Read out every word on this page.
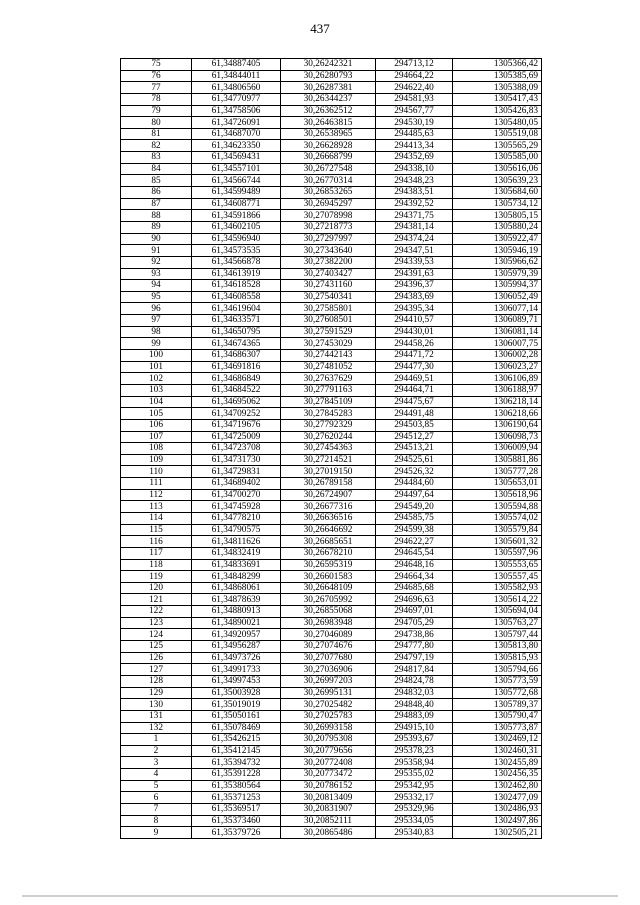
437
75	61,34887405	30,26242321	294713,12	1305366,42
76	61,34844011	30,26280793	294664,22	1305385,69
77	61,34806560	30,26287381	294622,40	1305388,09
78	61,34770977	30,26344237	294581,93	1305417,43
79	61,34758506	30,26362512	294567,77	1305426,83
80	61,34726091	30,26463815	294530,19	1305480,05
81	61,34687070	30,26538965	294485,63	1305519,08
82	61,34623350	30,26628928	294413,34	1305565,29
83	61,34569431	30,26668799	294352,69	1305585,00
84	61,34557101	30,26727548	294338,10	1305616,06
85	61,34566744	30,26770314	294348,23	1305639,23
86	61,34599489	30,26853265	294383,51	1305684,60
87	61,34608771	30,26945297	294392,52	1305734,12
88	61,34591866	30,27078998	294371,75	1305805,15
89	61,34602105	30,27218773	294381,14	1305880,24
90	61,34596940	30,27297997	294374,24	1305922,47
91	61,34573535	30,27343640	294347,51	1305946,19
92	61,34566878	30,27382200	294339,53	1305966,62
93	61,34613919	30,27403427	294391,63	1305979,39
94	61,34618528	30,27431160	294396,37	1305994,37
95	61,34608558	30,27540341	294383,69	1306052,49
96	61,34619604	30,27585801	294395,34	1306077,14
97	61,34633571	30,27608501	294410,57	1306089,71
98	61,34650795	30,27591529	294430,01	1306081,14
99	61,34674365	30,27453029	294458,26	1306007,75
100	61,34686307	30,27442143	294471,72	1306002,28
101	61,34691816	30,27481052	294477,30	1306023,27
102	61,34686849	30,27637629	294469,51	1306106,89
103	61,34684522	30,27791163	294464,71	1306188,97
104	61,34695062	30,27845109	294475,67	1306218,14
105	61,34709252	30,27845283	294491,48	1306218,66
106	61,34719676	30,27792329	294503,85	1306190,64
107	61,34725009	30,27620244	294512,27	1306098,73
108	61,34723708	30,27454363	294513,21	1306009,94
109	61,34731730	30,27214521	294525,61	1305881,86
110	61,34729831	30,27019150	294526,32	1305777,28
111	61,34689402	30,26789158	294484,60	1305653,01
112	61,34700270	30,26724907	294497,64	1305618,96
113	61,34745928	30,26677316	294549,20	1305594,88
114	61,34778210	30,26636516	294585,75	1305574,02
115	61,34790575	30,26646692	294599,38	1305579,84
116	61,34811626	30,26685651	294622,27	1305601,32
117	61,34832419	30,26678210	294645,54	1305597,96
118	61,34833691	30,26595319	294648,16	1305553,65
119	61,34848299	30,26601583	294664,34	1305557,45
120	61,34868061	30,26648109	294685,68	1305582,93
121	61,34878639	30,26705992	294696,63	1305614,22
122	61,34880913	30,26855068	294697,01	1305694,04
123	61,34890021	30,26983948	294705,29	1305763,27
124	61,34920957	30,27046089	294738,86	1305797,44
125	61,34956287	30,27074676	294777,80	1305813,80
126	61,34973726	30,27077680	294797,19	1305815,93
127	61,34991733	30,27036906	294817,84	1305794,66
128	61,34997453	30,26997203	294824,78	1305773,59
129	61,35003928	30,26995131	294832,03	1305772,68
130	61,35019019	30,27025482	294848,40	1305789,37
131	61,35050161	30,27025783	294883,09	1305790,47
132	61,35078469	30,26993158	294915,10	1305773,87
1	61,35426215	30,20795308	295393,67	1302469,12
2	61,35412145	30,20779656	295378,23	1302460,31
3	61,35394732	30,20772408	295358,94	1302455,89
4	61,35391228	30,20773472	295355,02	1302456,35
5	61,35380564	30,20786152	295342,95	1302462,80
6	61,35371253	30,20813409	295332,17	1302477,09
7	61,35369517	30,20831907	295329,96	1302486,93
8	61,35373460	30,20852111	295334,05	1302497,86
9	61,35379726	30,20865486	295340,83	1302505,21
